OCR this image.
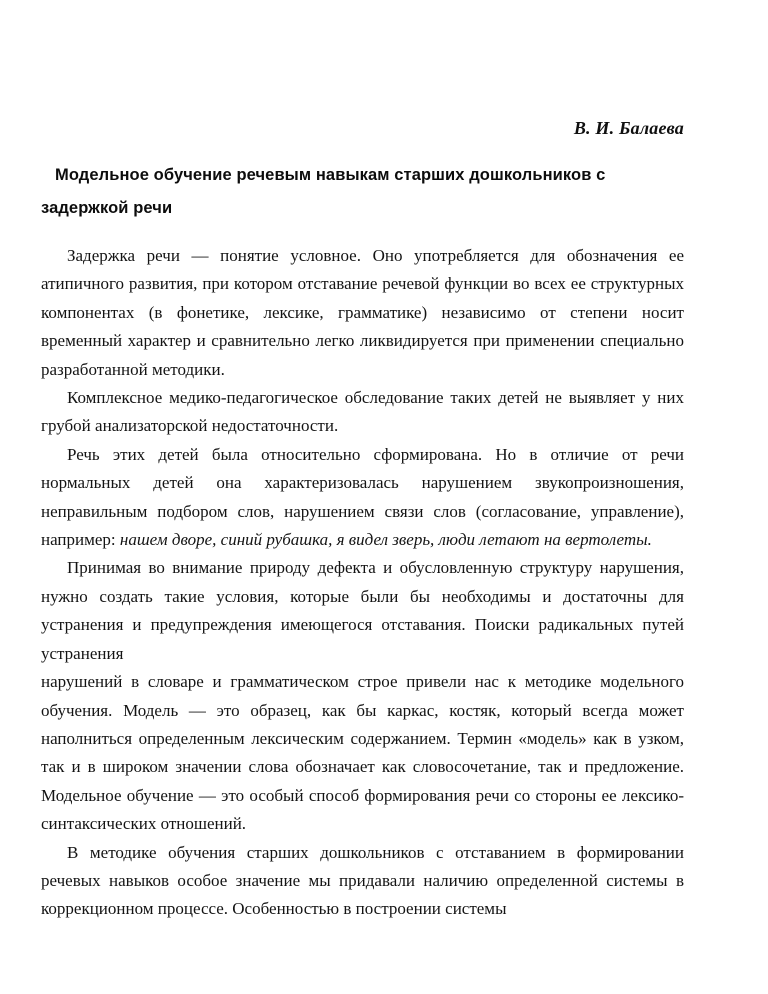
В. И. Балаева
Модельное обучение речевым навыкам старших дошкольников с задержкой речи

Задержка речи — понятие условное. Оно употребляется для обозначения ее атипичного развития, при котором отставание речевой функции во всех ее структурных компонентах (в фонетике, лексике, грамматике) независимо от степени носит временный характер и сравнительно легко ликвидируется при применении специально разработанной методики.

Комплексное медико-педагогическое обследование таких детей не выявляет у них грубой анализаторской недостаточности.

Речь этих детей была относительно сформирована. Но в отличие от речи нормальных детей она характеризовалась нарушением звукопроизношения, неправильным подбором слов, нарушением связи слов (согласование, управление), например: нашем дворе, синий рубашка, я видел зверь, люди летают на вертолеты.

Принимая во внимание природу дефекта и обусловленную структуру нарушения, нужно создать такие условия, которые были бы необходимы и достаточны для устранения и предупреждения имеющегося отставания. Поиски радикальных путей устранения

нарушений в словаре и грамматическом строе привели нас к методике модельного обучения. Модель — это образец, как бы каркас, костяк, который всегда может наполниться определенным лексическим содержанием. Термин «модель» как в узком, так и в широком значении слова обозначает как словосочетание, так и предложение. Модельное обучение — это особый способ формирования речи со стороны ее лексико-синтаксических отношений.

В методике обучения старших дошкольников с отставанием в формировании речевых навыков особое значение мы придавали наличию определенной системы в коррекционном процессе. Особенностью в построении системы
